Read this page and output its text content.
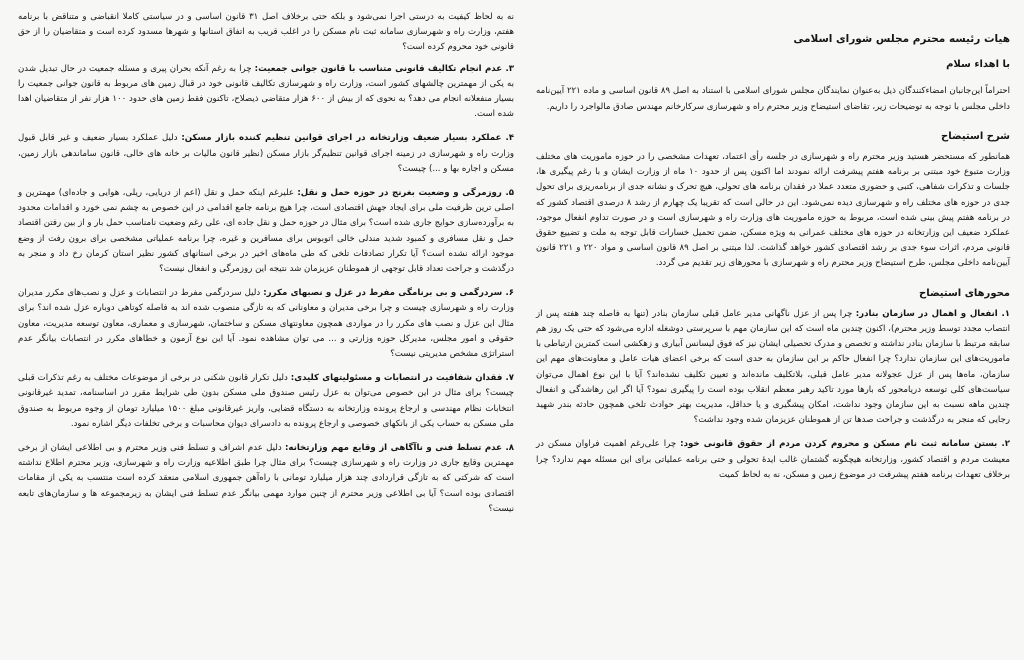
هیات رئیسه محترم مجلس شورای اسلامی
با اهداء سلام

احتراماً این‌جانبان امضاءکنندگان ذیل به‌عنوان نمایندگان مجلس شورای اسلامی با استناد به اصل ۸۹ قانون اساسی و ماده ۲۲۱ آیین‌نامه داخلی مجلس با توجه به توضیحات زیر، تقاضای استیضاح وزیر محترم راه و شهرسازی سرکارخانم مهندس صادق مالواجرد را داریم.

شرح استیضاح

همانطور که مستحضر هستید وزیر محترم راه و شهرسازی در جلسه رأی اعتماد، تعهدات مشخصی را در حوزه ماموریت های مختلف وزارت متبوع خود مبتنی بر برنامه هفتم پیشرفت ارائه نمودند اما اکنون پس از حدود ۱۰ ماه از وزارت ایشان و با رغم پیگیری ها، جلسات و تذکرات شفاهی، کتبی و حضوری متعدد عملا در فقدان برنامه های تحولی، هیچ تحرک و نشانه جدی از برنامه‌ریزی برای تحول جدی در حوزه های مختلف راه و شهرسازی دیده نمی‌شود. این در حالی است که تقریبا یک چهارم از رشد ۸ درصدی اقتصاد کشور که در برنامه هفتم پیش بینی شده است، مربوط به حوزه ماموریت های وزارت راه و شهرسازی است و در صورت تداوم انفعال موجود، عملکرد ضعیف این وزارتخانه در حوزه های مختلف عمرانی به ویژه مسکن، ضمن تحمیل خسارات قابل توجه به ملت و تضییع حقوق قانونی مردم، اثرات سوء جدی بر رشد اقتصادی کشور خواهد گذاشت. لذا مبتنی بر اصل ۸۹ قانون اساسی و مواد ۲۲۰ و ۲۲۱ قانون آیین‌نامه داخلی مجلس، طرح استیضاح وزیر محترم راه و شهرسازی با محورهای زیر تقدیم می گردد.

محورهای استیضاح
۱. انفعال و اهمال در سازمان بنادر: چرا پس از عزل ناگهانی مدیر عامل قبلی سازمان بنادر (تنها به فاصله چند هفته پس از انتصاب مجدد توسط وزیر محترم)، اکنون چندین ماه است که این سازمان مهم با سرپرستی دوشغله اداره می‌شود که حتی یک روز هم سابقه مرتبط با سازمان بنادر نداشته و تخصص و مدرک تحصیلی ایشان نیز که فوق لیسانس آبیاری و زهکشی است کمترین ارتباطی با ماموریت‌های این سازمان ندارد؟ چرا انفعال حاکم بر این سازمان به حدی است که برخی اعضای هیات عامل و معاونت‌های مهم این سازمان، ماه‌ها پس از عزل عجولانه مدیر عامل قبلی، بلاتکلیف مانده‌اند و تعیین تکلیف نشده‌اند؟ آیا با این نوع اهمال می‌توان سیاست‌های کلی توسعه دریا‌محور که بارها مورد تاکید رهبر معظم انقلاب بوده است را پیگیری نمود؟ آیا اگر این رهاشدگی و انفعال چندین ماهه نسبت به این سازمان وجود نداشت، امکان پیشگیری و یا حداقل، مدیریت بهتر حوادث تلخی همچون حادثه بندر شهید رجایی که منجر به درگذشت و جراحت صدها تن از هموطنان عزیزمان شده وجود نداشت؟
۲. بستن سامانه ثبت نام مسکن و محروم کردن مردم از حقوق قانونی خود: چرا علی‌رغم اهمیت فراوان مسکن در معیشت مردم و اقتصاد کشور، وزارتخانه هیچگونه گشتمان غالب ایدۀ تحولی و حتی برنامه عملیاتی برای این مسئله مهم ندارد؟ چرا برخلاف تعهدات برنامه هفتم پیشرفت در موضوع زمین و مسکن، نه به لحاظ کمیت

نه به لحاظ کیفیت به درستی اجرا نمی‌شود و بلکه حتی برخلاف اصل ۳۱ قانون اساسی و در سیاستی کاملا انقباضی و متناقض با برنامه هفتم، وزارت راه و شهرسازی سامانه ثبت نام مسکن را در اغلب قریب به اتفاق استانها و شهرها مسدود کرده است و متقاضیان را از حق قانونی خود محروم کرده است؟

۳. عدم انجام تکالیف قانونی متناسب با قانون جوانی جمعیت: چرا به رغم آنکه بحران پیری و مسئله جمعیت در حال تبدیل شدن به یکی از مهمترین چالشهای کشور است، وزارت راه و شهرسازی تکالیف قانونی خود در قبال زمین های مربوط به قانون جوانی جمعیت را بسیار منفعلانه انجام می دهد؟ به نحوی که از بیش از ۶۰۰ هزار متقاضی ذیصلاح، تاکنون فقط زمین های حدود ۱۰۰ هزار نفر از متقاضیان اهدا شده است.
۴. عملکرد بسیار ضعیف وزارتخانه در اجرای قوانین تنظیم کننده بازار مسکن: دلیل عملکرد بسیار ضعیف و غیر قابل قبول وزارت راه و شهرسازی در زمینه اجرای قوانین تنظیم‌گر بازار مسکن (نظیر قانون مالیات بر خانه های خالی، قانون ساماندهی بازار زمین، مسکن و اجاره بها و ...) چیست؟
۵. روزمرگی و وضعیت بغرنج در حوزه حمل و نقل: علیرغم اینکه حمل و نقل (اعم از دریایی، ریلی، هوایی و جاده‌ای) مهمترین و اصلی ترین ظرفیت ملی برای ایجاد جهش اقتصادی است، چرا هیچ برنامه جامع اقدامی در این خصوص به چشم نمی خورد و اقدامات محدود به برآورده‌سازی حوایج جاری شده است؟ برای مثال در حوزه حمل و نقل جاده ای، علی رغم وضعیت نامناسب حمل بار و از بین رفتن اقتصاد حمل و نقل مسافری و کمبود شدید مندلی خالی اتوبوس برای مسافرین و غیره، چرا برنامه عملیاتی مشخصی برای برون رفت از وضع موجود ارائه نشده است؟ آیا تکرار تصادفات تلخی که طی ماه‌های اخیر در برخی استانهای کشور نظیر استان کرمان رخ داد و منجر به درگذشت و جراحت تعداد قابل توجهی از هموطنان عزیزمان شد نتیجه این روزمرگی و انفعال نیست؟
۶. سردرگمی و بی برنامگی مفرط در عزل و نصبهای مکرر: دلیل سردرگمی مفرط در انتصابات و عزل و نصب‌های مکرر مدیران وزارت راه و شهرسازی چیست و چرا برخی مدیران و معاونانی که به تازگی منصوب شده اند به فاصله کوتاهی دوباره عزل شده اند؟ برای مثال این عزل و نصب های مکرر را در مواردی همچون معاونتهای مسکن و ساختمان، شهرسازی و معماری، معاون توسعه مدیریت، معاون حقوقی و امور مجلس، مدیرکل حوزه وزارتی و ... می توان مشاهده نمود. آیا این نوع آزمون و خطاهای مکرر در انتصابات بیانگر عدم استراتژی مشخص مدیریتی نیست؟
۷. فقدان شفافیت در انتصابات و مسئولیتهای کلیدی: دلیل تکرار قانون شکنی در برخی از موضوعات مختلف به رغم تذکرات قبلی چیست؟ برای مثال در این خصوص می‌توان به عزل رئیس صندوق ملی مسکن بدون طی شرایط مقرر در اساسنامه، تمدید غیرقانونی انتخابات نظام مهندسی و ارجاع پرونده وزارتخانه به دستگاه قضایی، واریز غیرقانونی مبلغ ۱۵۰۰ میلیارد تومان از وجوه مربوط به صندوق ملی مسکن به حساب یکی از بانکهای خصوصی و ارجاع پرونده به دادسرای دیوان محاسبات و برخی تخلفات دیگر اشاره نمود.
۸. عدم تسلط فنی و ناآگاهی از وقایع مهم وزارتخانه: دلیل عدم اشراف و تسلط فنی وزیر محترم و بی اطلاعی ایشان از برخی مهمترین وقایع جاری در وزارت راه و شهرسازی چیست؟ برای مثال چرا طبق اطلاعیه وزارت راه و شهرسازی، وزیر محترم اطلاع نداشته است که شرکتی که به تازگی قراردادی چند هزار میلیارد تومانی با راه‌آهن جمهوری اسلامی منعقد کرده است منتسب به یکی از مقامات اقتصادی بوده است؟ آیا بی اطلاعی وزیر محترم از چنین موارد مهمی بیانگر عدم تسلط فنی ایشان به زیرمجموعه ها و سازمان‌های تابعه نیست؟
